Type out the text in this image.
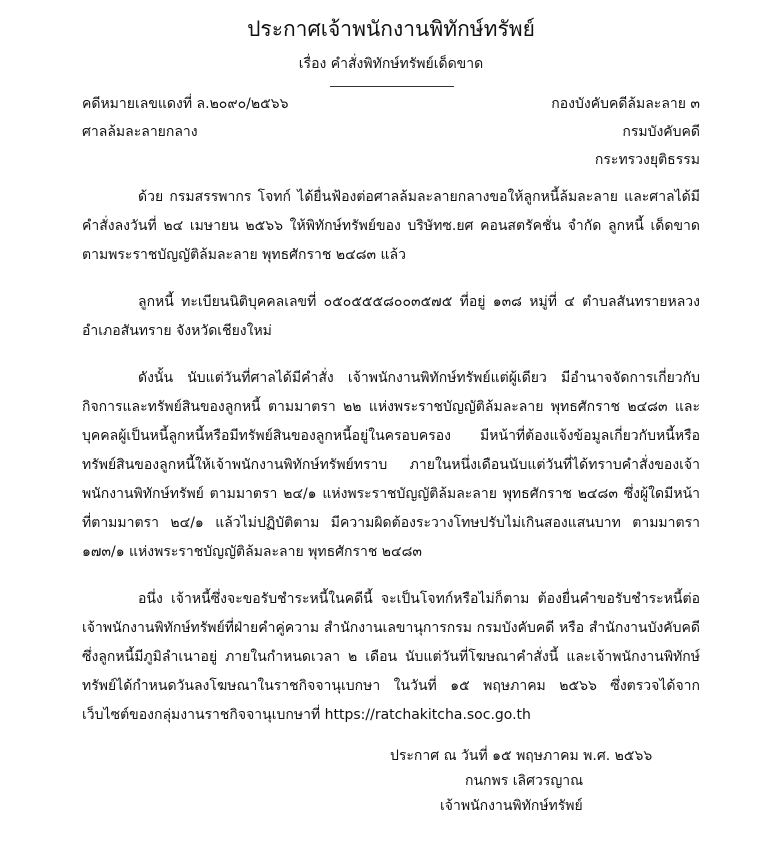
ประกาศเจ้าพนักงานพิทักษ์ทรัพย์
เรื่อง คำสั่งพิทักษ์ทรัพย์เด็ดขาด
คดีหมายเลขแดงที่ ล.๒๐๙๐/๒๕๖๖
ศาลล้มละลายกลาง
กองบังคับคดีล้มละลาย ๓
กรมบังคับคดี
กระทรวงยุติธรรม

ด้วย กรมสรรพากร โจทก์ ได้ยื่นฟ้องต่อศาลล้มละลายกลางขอให้ลูกหนี้ล้มละลาย และศาลได้มีคำสั่งลงวันที่ ๒๔ เมษายน ๒๕๖๖ ให้พิทักษ์ทรัพย์ของ บริษัทซ.ยศ คอนสตรัคชั่น จำกัด ลูกหนี้ เด็ดขาด ตามพระราชบัญญัติล้มละลาย พุทธศักราช ๒๔๘๓ แล้ว

ลูกหนี้ ทะเบียนนิติบุคคลเลขที่ ๐๕๐๕๕๕๘๐๐๓๕๗๕ ที่อยู่ ๑๓๘ หมู่ที่ ๔ ตำบลสันทรายหลวง อำเภอสันทราย จังหวัดเชียงใหม่

ดังนั้น นับแต่วันที่ศาลได้มีคำสั่ง เจ้าพนักงานพิทักษ์ทรัพย์แต่ผู้เดียว มีอำนาจจัดการเกี่ยวกับกิจการและทรัพย์สินของลูกหนี้ ตามมาตรา ๒๒ แห่งพระราชบัญญัติล้มละลาย พุทธศักราช ๒๔๘๓ และบุคคลผู้เป็นหนี้ลูกหนี้หรือมีทรัพย์สินของลูกหนี้อยู่ในครอบครอง มีหน้าที่ต้องแจ้งข้อมูลเกี่ยวกับหนี้หรือทรัพย์สินของลูกหนี้ให้เจ้าพนักงานพิทักษ์ทรัพย์ทราบ ภายในหนึ่งเดือนนับแต่วันที่ได้ทราบคำสั่งของเจ้าพนักงานพิทักษ์ทรัพย์ ตามมาตรา ๒๔/๑ แห่งพระราชบัญญัติล้มละลาย พุทธศักราช ๒๔๘๓ ซึ่งผู้ใดมีหน้าที่ตามมาตรา ๒๔/๑ แล้วไม่ปฏิบัติตาม มีความผิดต้องระวางโทษปรับไม่เกินสองแสนบาท ตามมาตรา ๑๗๓/๑ แห่งพระราชบัญญัติล้มละลาย พุทธศักราช ๒๔๘๓

อนึ่ง เจ้าหนี้ซึ่งจะขอรับชำระหนี้ในคดีนี้ จะเป็นโจทก์หรือไม่ก็ตาม ต้องยื่นคำขอรับชำระหนี้ต่อเจ้าพนักงานพิทักษ์ทรัพย์ที่ฝ่ายคำคู่ความ สำนักงานเลขานุการกรม กรมบังคับคดี หรือ สำนักงานบังคับคดีซึ่งลูกหนี้มีภูมิลำเนาอยู่ ภายในกำหนดเวลา ๒ เดือน นับแต่วันที่โฆษณาคำสั่งนี้ และเจ้าพนักงานพิทักษ์ทรัพย์ได้กำหนดวันลงโฆษณาในราชกิจจานุเบกษา ในวันที่ ๑๕ พฤษภาคม ๒๕๖๖ ซึ่งตรวจได้จากเว็บไซต์ของกลุ่มงานราชกิจจานุเบกษาที่ https://ratchakitcha.soc.go.th

ประกาศ ณ วันที่ ๑๕ พฤษภาคม พ.ศ. ๒๕๖๖
กนกพร เลิศวรญาณ
เจ้าพนักงานพิทักษ์ทรัพย์
